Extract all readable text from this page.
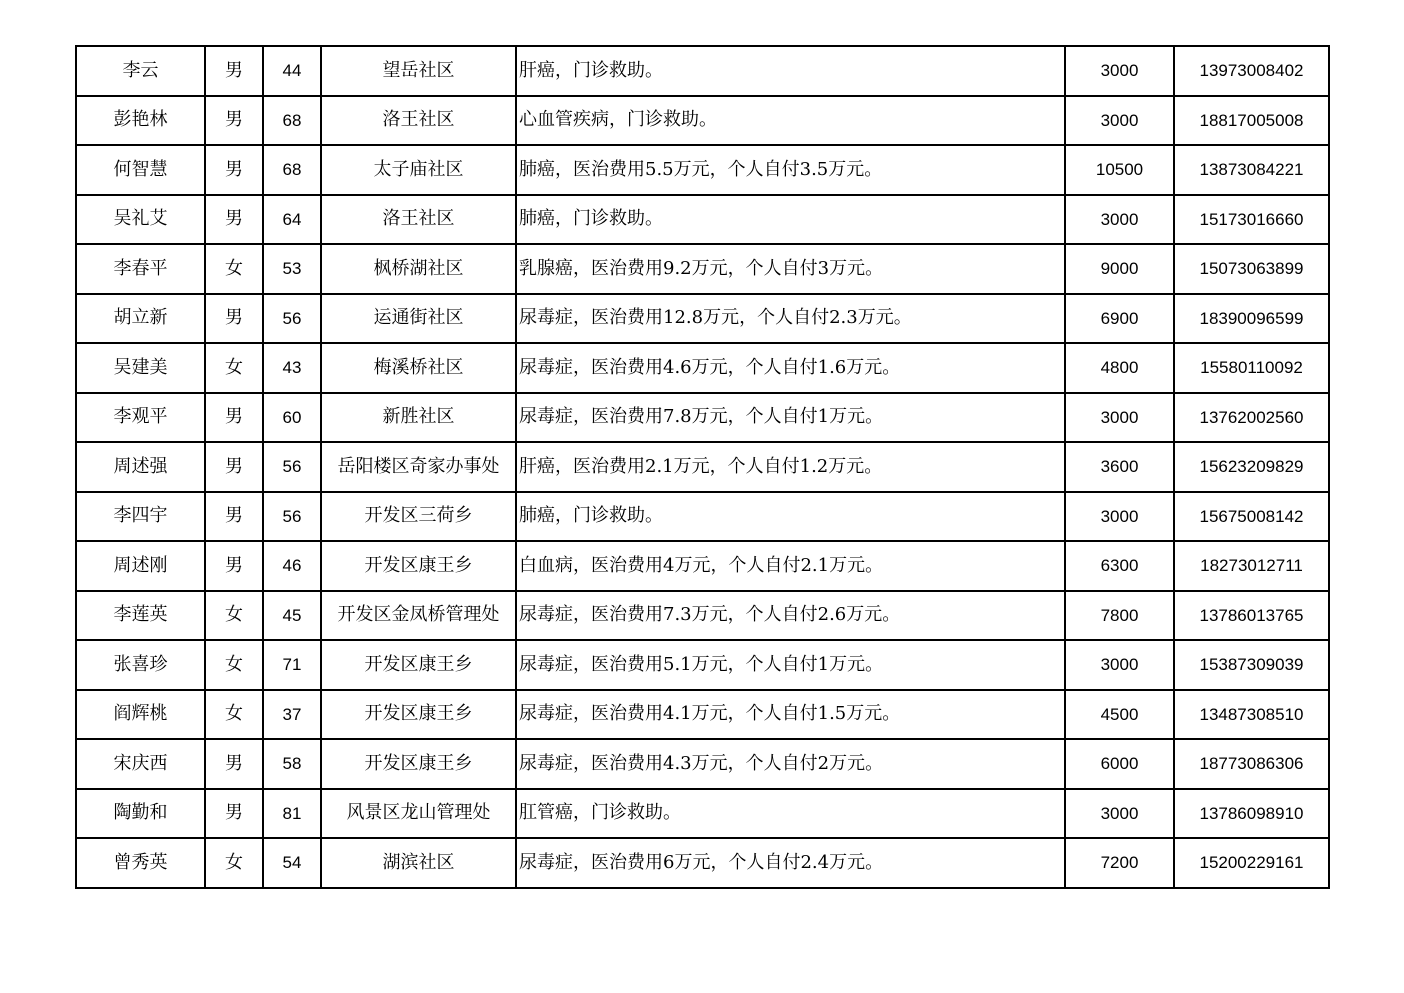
李云	男	44	望岳社区	肝癌，门诊救助。	3000	13973008402
彭艳林	男	68	洛王社区	心血管疾病，门诊救助。	3000	18817005008
何智慧	男	68	太子庙社区	肺癌，医治费用5.5万元，个人自付3.5万元。	10500	13873084221
吴礼艾	男	64	洛王社区	肺癌，门诊救助。	3000	15173016660
李春平	女	53	枫桥湖社区	乳腺癌，医治费用9.2万元，个人自付3万元。	9000	15073063899
胡立新	男	56	运通街社区	尿毒症，医治费用12.8万元，个人自付2.3万元。	6900	18390096599
吴建美	女	43	梅溪桥社区	尿毒症，医治费用4.6万元，个人自付1.6万元。	4800	15580110092
李观平	男	60	新胜社区	尿毒症，医治费用7.8万元，个人自付1万元。	3000	13762002560
周述强	男	56	岳阳楼区奇家办事处	肝癌，医治费用2.1万元，个人自付1.2万元。	3600	15623209829
李四宇	男	56	开发区三荷乡	肺癌，门诊救助。	3000	15675008142
周述刚	男	46	开发区康王乡	白血病，医治费用4万元，个人自付2.1万元。	6300	18273012711
李莲英	女	45	开发区金凤桥管理处	尿毒症，医治费用7.3万元，个人自付2.6万元。	7800	13786013765
张喜珍	女	71	开发区康王乡	尿毒症，医治费用5.1万元，个人自付1万元。	3000	15387309039
阎辉桃	女	37	开发区康王乡	尿毒症，医治费用4.1万元，个人自付1.5万元。	4500	13487308510
宋庆西	男	58	开发区康王乡	尿毒症，医治费用4.3万元，个人自付2万元。	6000	18773086306
陶勤和	男	81	风景区龙山管理处	肛管癌，门诊救助。	3000	13786098910
曾秀英	女	54	湖滨社区	尿毒症，医治费用6万元，个人自付2.4万元。	7200	15200229161
